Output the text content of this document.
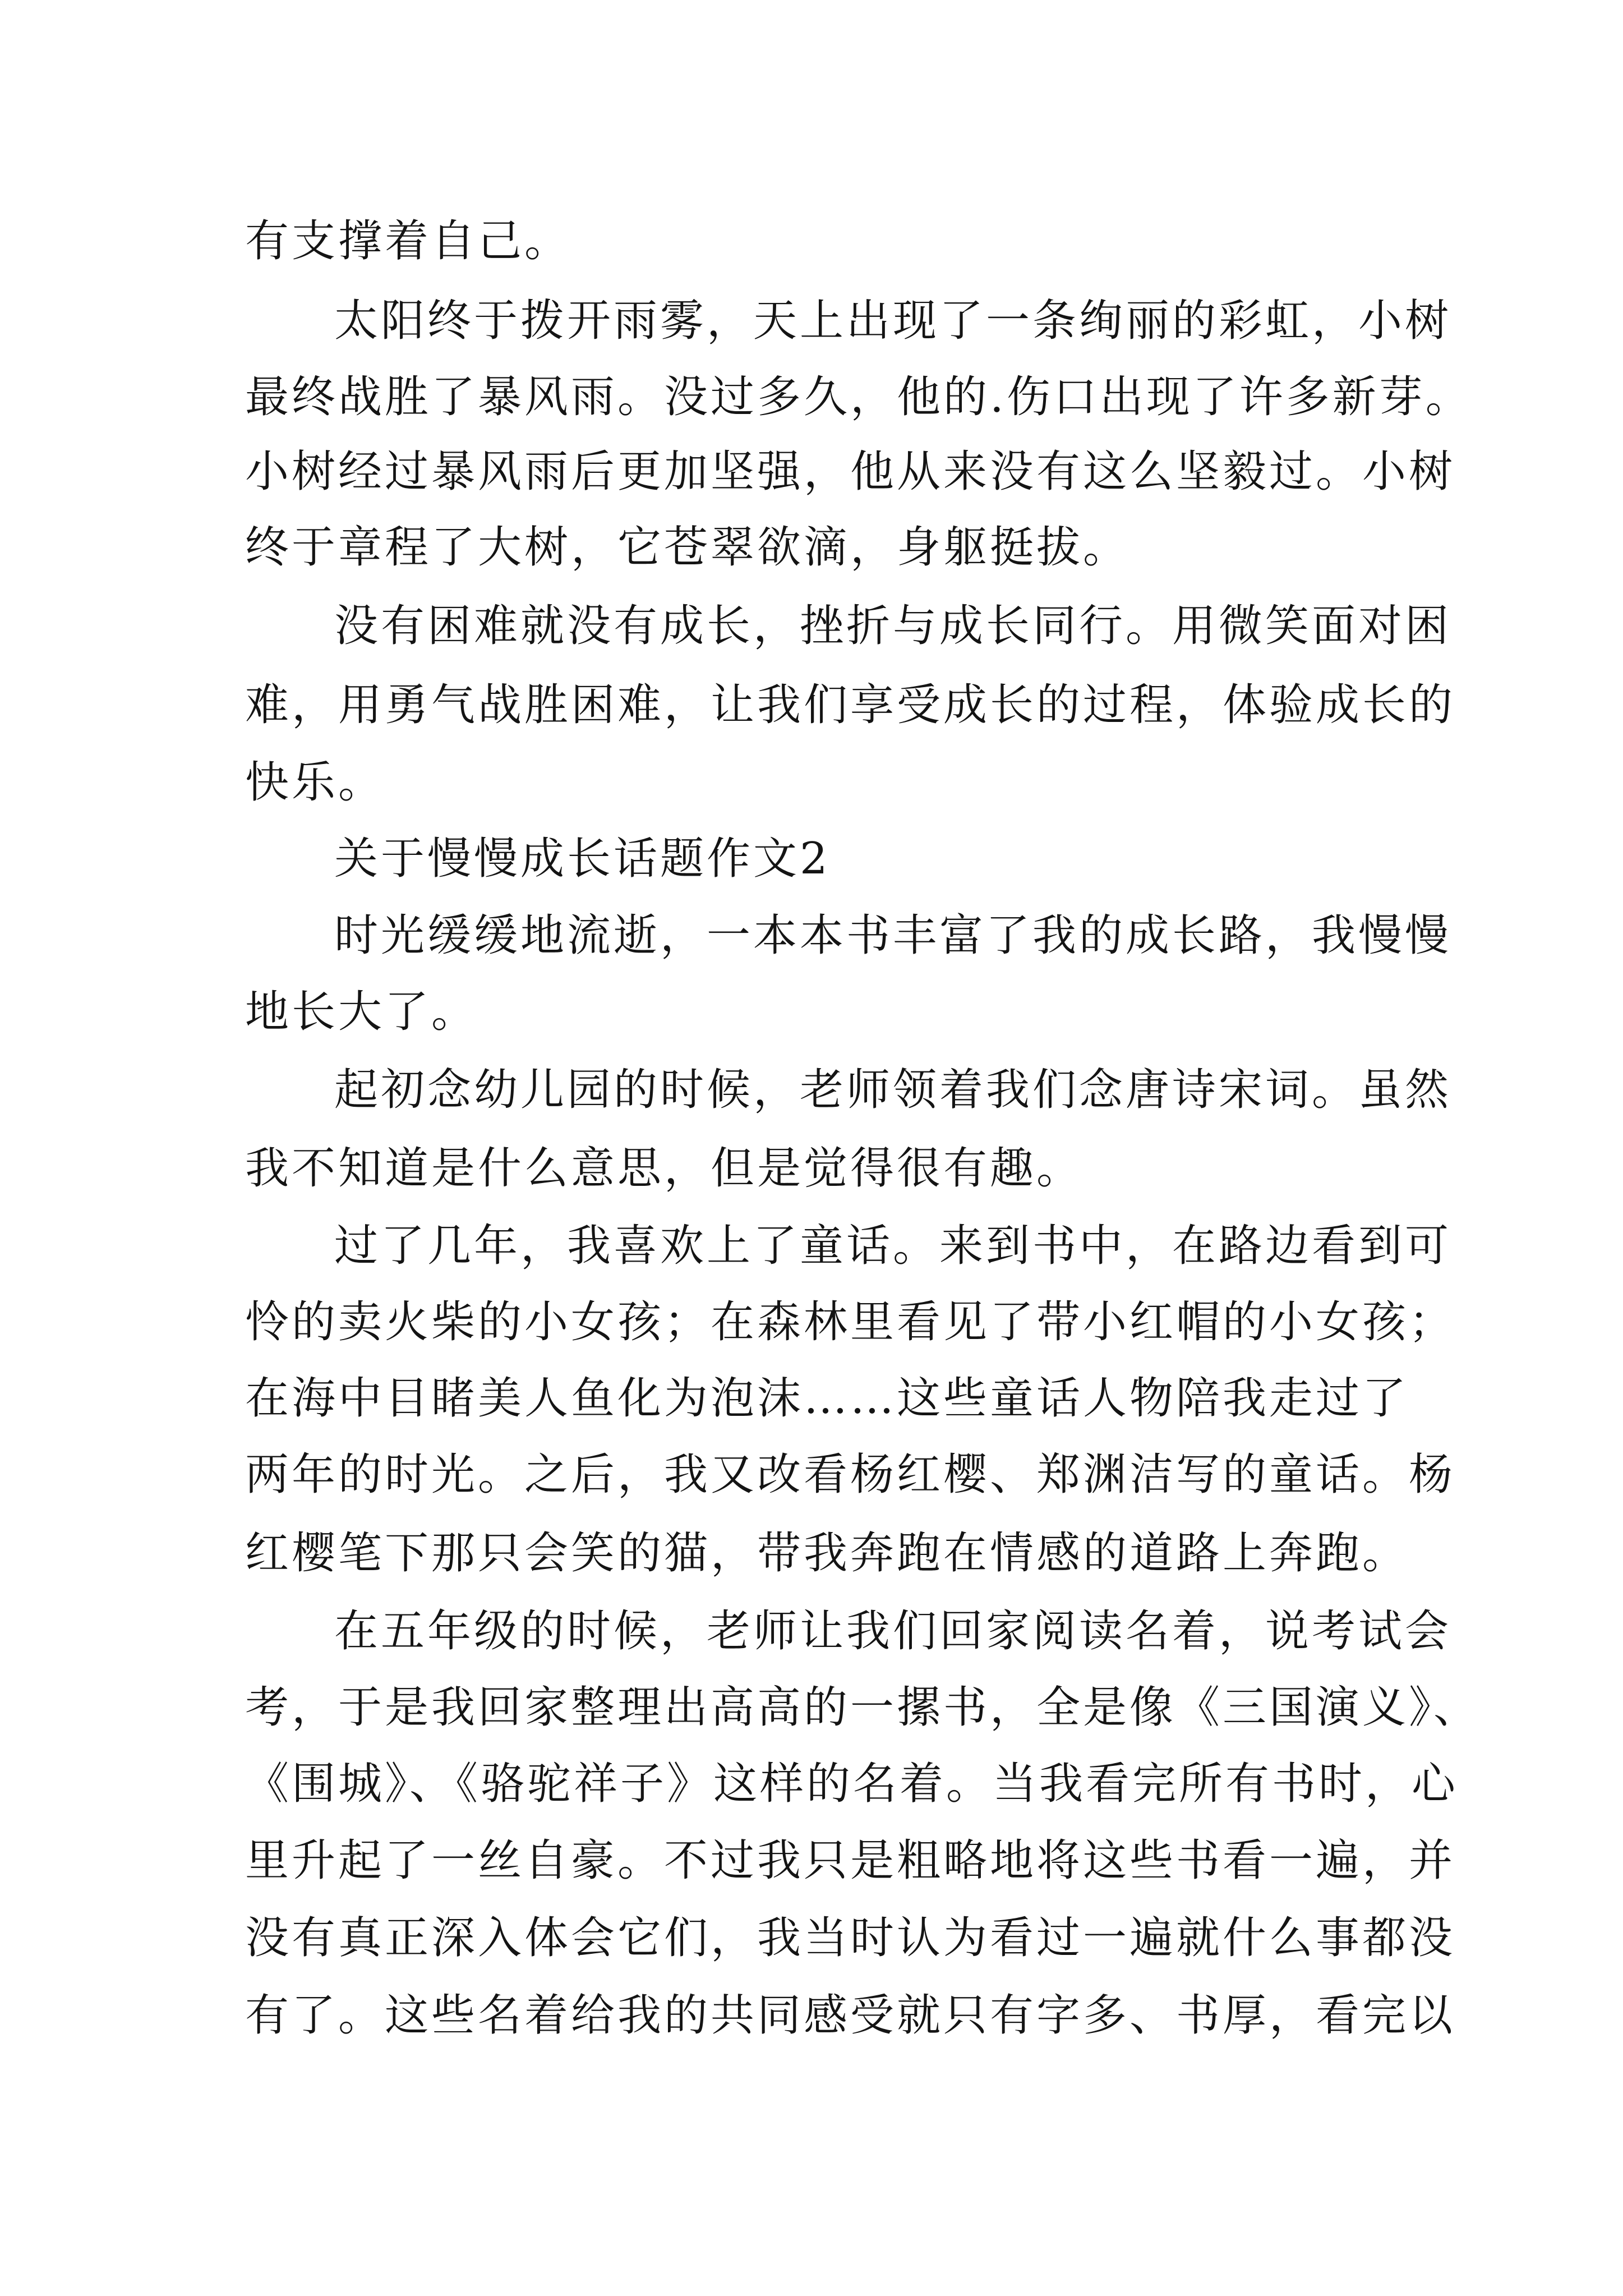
有支撑着自己。
太阳终于拨开雨雾，天上出现了一条绚丽的彩虹，小树
最终战胜了暴风雨。没过多久，他的.伤口出现了许多新芽。
小树经过暴风雨后更加坚强，他从来没有这么坚毅过。小树
终于章程了大树，它苍翠欲滴，身躯挺拔。
没有困难就没有成长，挫折与成长同行。用微笑面对困
难，用勇气战胜困难，让我们享受成长的过程，体验成长的
快乐。
关于慢慢成长话题作文2
时光缓缓地流逝，一本本书丰富了我的成长路，我慢慢
地长大了。
起初念幼儿园的时候，老师领着我们念唐诗宋词。虽然
我不知道是什么意思，但是觉得很有趣。
过了几年，我喜欢上了童话。来到书中，在路边看到可
怜的卖火柴的小女孩；在森林里看见了带小红帽的小女孩；
在海中目睹美人鱼化为泡沫……这些童话人物陪我走过了
两年的时光。之后，我又改看杨红樱、郑渊洁写的童话。杨
红樱笔下那只会笑的猫，带我奔跑在情感的道路上奔跑。
在五年级的时候，老师让我们回家阅读名着，说考试会
考，于是我回家整理出高高的一摞书，全是像《三国演义》、
《围城》、《骆驼祥子》这样的名着。当我看完所有书时，心
里升起了一丝自豪。不过我只是粗略地将这些书看一遍，并
没有真正深入体会它们，我当时认为看过一遍就什么事都没
有了。这些名着给我的共同感受就只有字多、书厚，看完以
